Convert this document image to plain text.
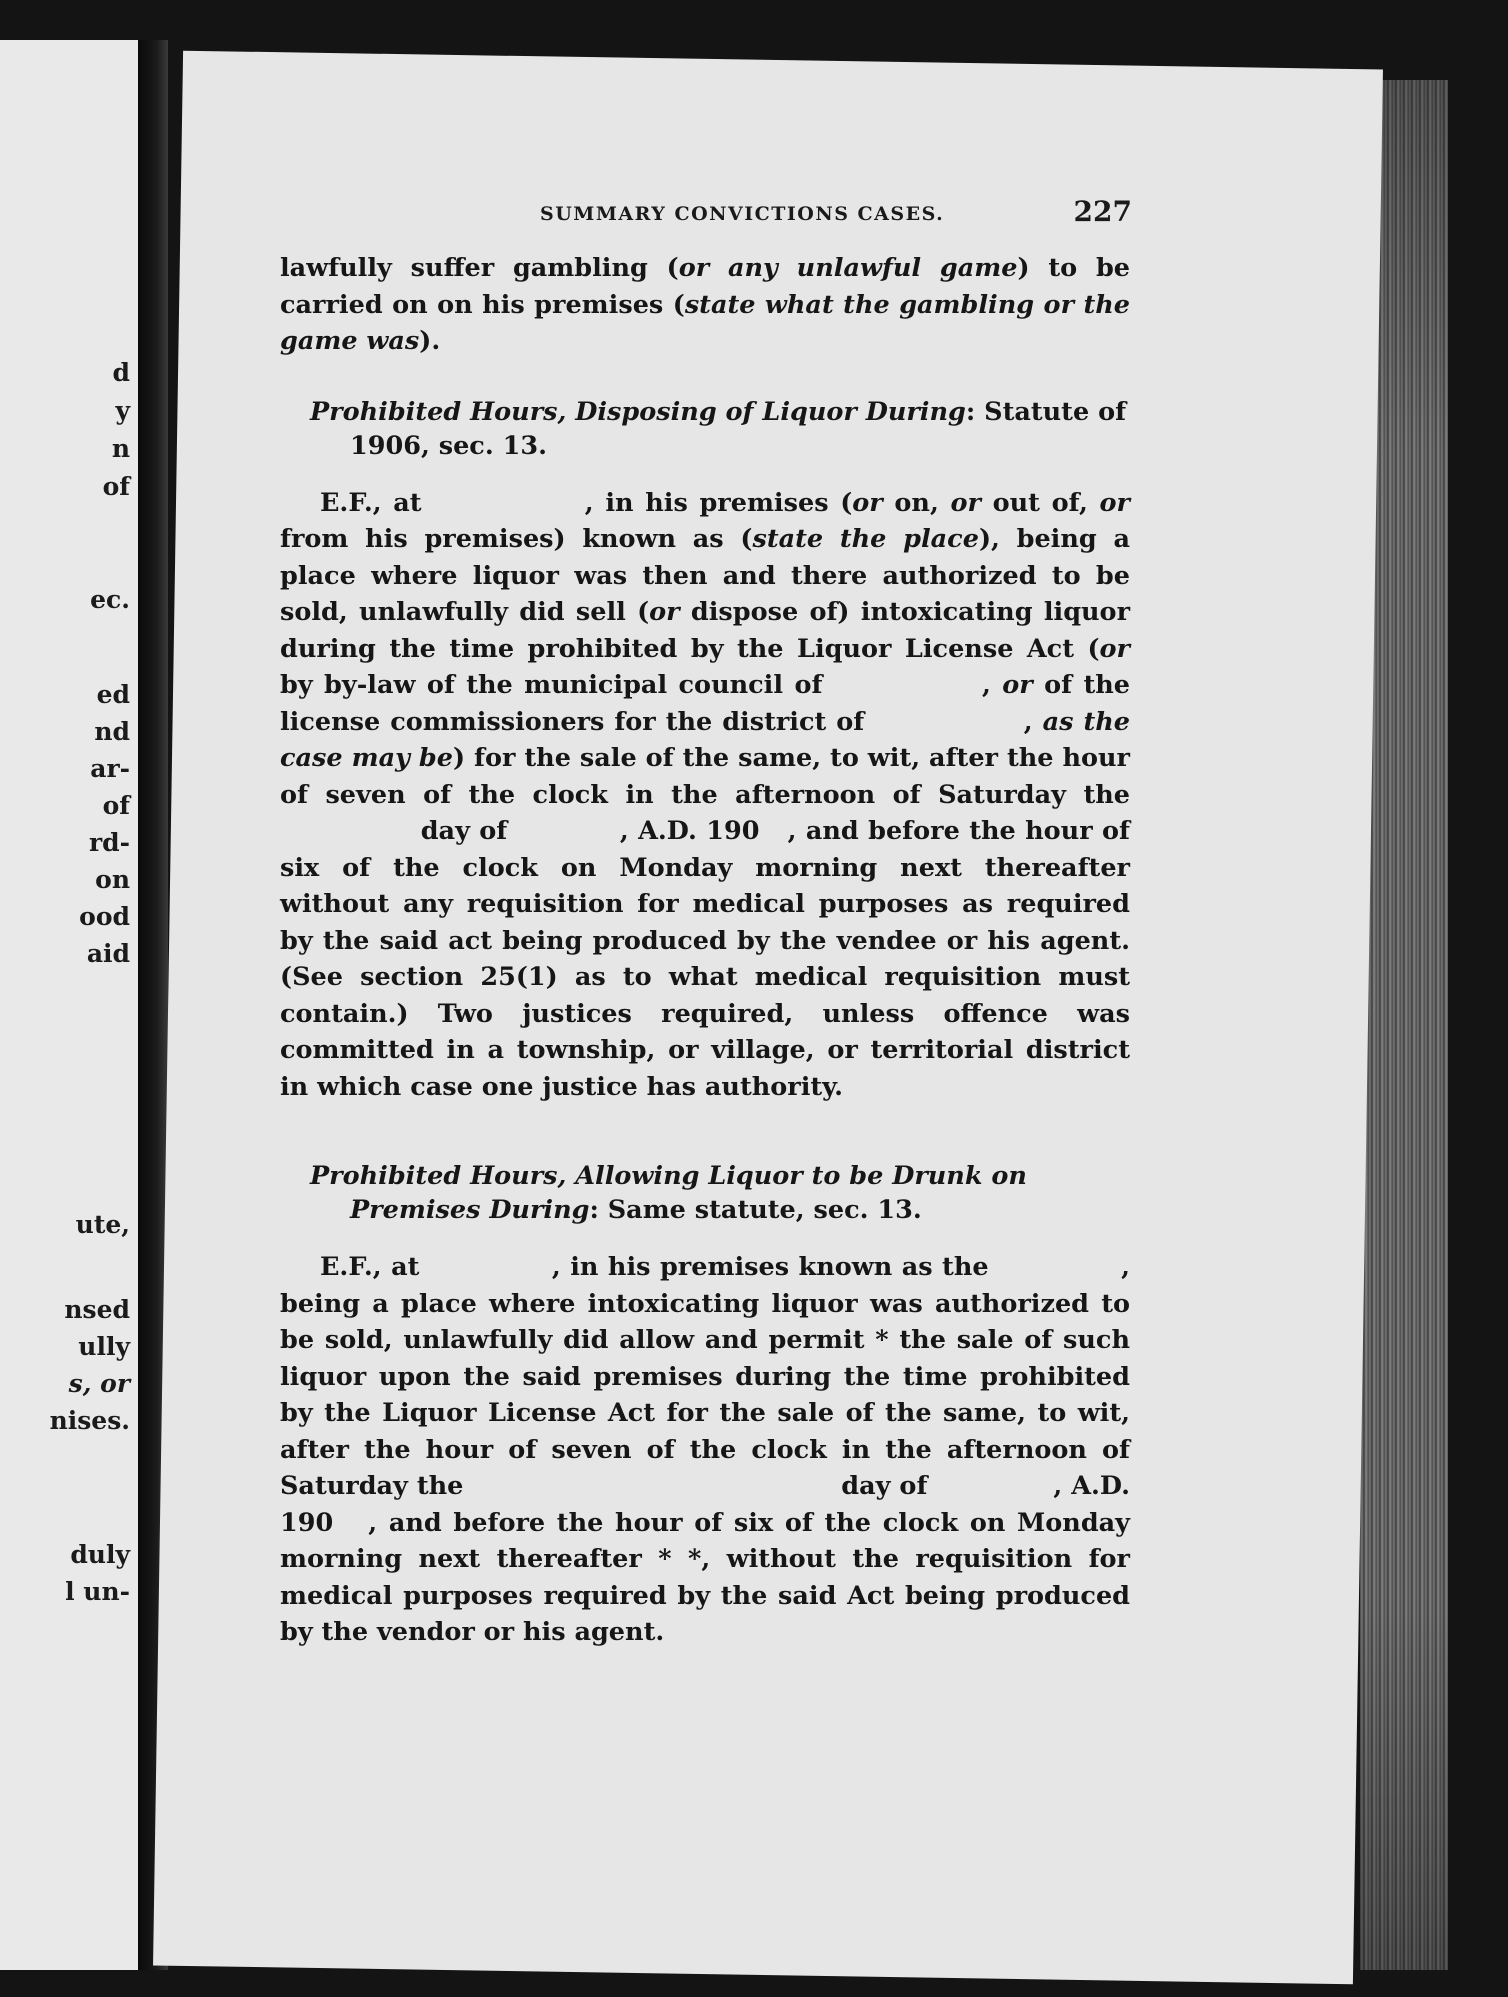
d
y
n
of
ec.
ed
nd
ar-
of
rd-
on
ood
aid
ute,
nsed
ully
s, or
nises.
duly
l un-
SUMMARY CONVICTIONS CASES.	227

lawfully suffer gambling (or any unlawful game) to be carried on on his premises (state what the gambling or the game was).

Prohibited Hours, Disposing of Liquor During: Statute of 1906, sec. 13.

E.F., at              , in his premises (or on, or out of, or from his premises) known as (state the place), being a place where liquor was then and there authorized to be sold, unlawfully did sell (or dispose of) intoxicating liquor during the time prohibited by the Liquor License Act (or by by-law of the municipal council of              , or of the license commissioners for the district of                , as the case may be) for the sale of the same, to wit, after the hour of seven of the clock in the afternoon of Saturday the                day of            , A.D. 190   , and before the hour of six of the clock on Monday morning next thereafter without any requisition for medical purposes as required by the said act being produced by the vendee or his agent. (See section 25(1) as to what medical requisition must contain.) Two justices required, unless offence was committed in a township, or village, or territorial district in which case one justice has authority.

Prohibited Hours, Allowing Liquor to be Drunk on Premises During: Same statute, sec. 13.

E.F., at              , in his premises known as the              , being a place where intoxicating liquor was authorized to be sold, unlawfully did allow and permit * the sale of such liquor upon the said premises during the time prohibited by the Liquor License Act for the sale of the same, to wit, after the hour of seven of the clock in the afternoon of Saturday the                                          day of              , A.D. 190   , and before the hour of six of the clock on Monday morning next thereafter * *, without the requisition for medical purposes required by the said Act being produced by the vendor or his agent.
